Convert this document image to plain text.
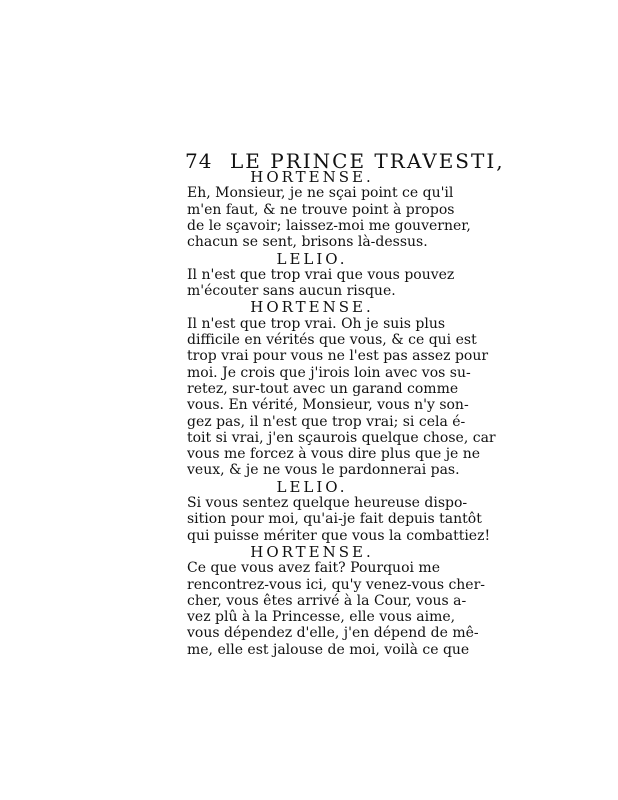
74 LE PRINCE TRAVESTI,
HORTENSE.
Eh, Monsieur, je ne sçai point ce qu'il
m'en faut, & ne trouve point à propos
de le sçavoir; laissez-moi me gouverner,
chacun se sent, brisons là-dessus.
LELIO.
Il n'est que trop vrai que vous pouvez
m'écouter sans aucun risque.
HORTENSE.
Il n'est que trop vrai. Oh je suis plus
difficile en vérités que vous, & ce qui est
trop vrai pour vous ne l'est pas assez pour
moi. Je crois que j'irois loin avec vos su-
retez, sur-tout avec un garand comme
vous. En vérité, Monsieur, vous n'y son-
gez pas, il n'est que trop vrai; si cela é-
toit si vrai, j'en sçaurois quelque chose, car
vous me forcez à vous dire plus que je ne
veux, & je ne vous le pardonnerai pas.
LELIO.
Si vous sentez quelque heureuse dispo-
sition pour moi, qu'ai-je fait depuis tantôt
qui puisse mériter que vous la combattiez!
HORTENSE.
Ce que vous avez fait? Pourquoi me
rencontrez-vous ici, qu'y venez-vous cher-
cher, vous êtes arrivé à la Cour, vous a-
vez plû à la Princesse, elle vous aime,
vous dépendez d'elle, j'en dépend de mê-
me, elle est jalouse de moi, voilà ce que
